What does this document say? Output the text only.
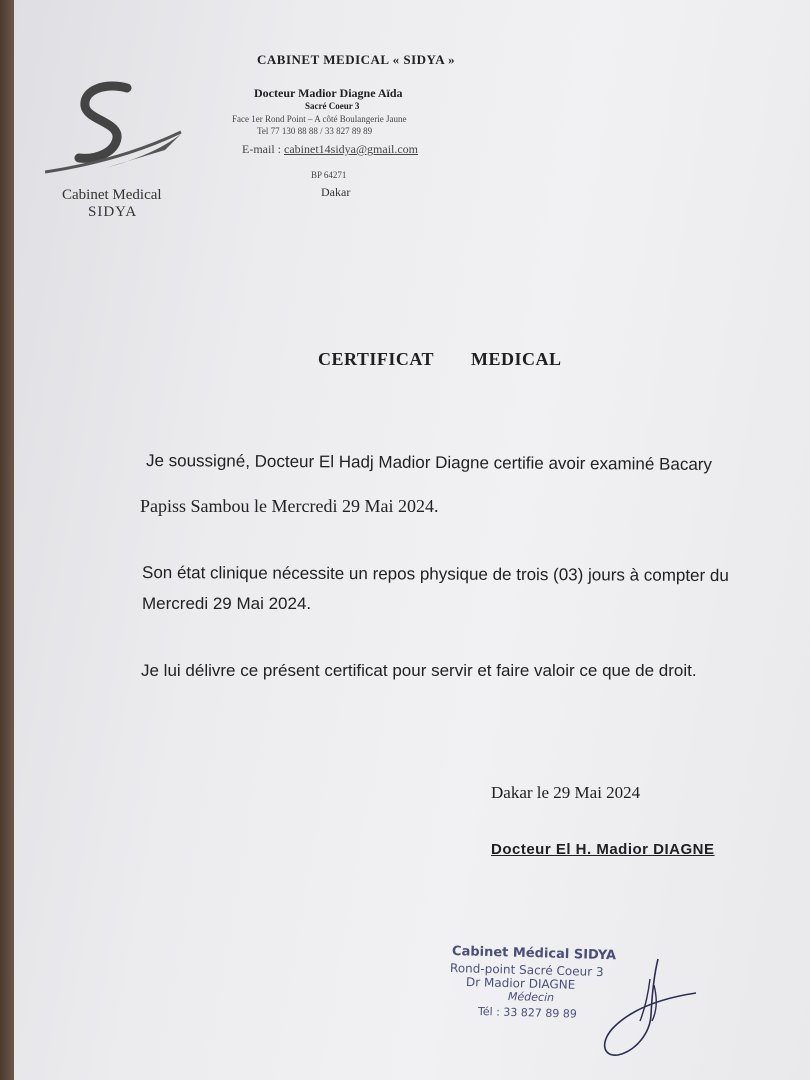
Cabinet Medical
SIDYA
CABINET MEDICAL « SIDYA »
Docteur Madior Diagne Aïda
Sacré Coeur 3
Face 1er Rond Point – A côté Boulangerie Jaune
Tel 77 130 88 88 / 33 827 89 89
E-mail : cabinet14sidya@gmail.com
BP 64271
Dakar
CERTIFICAT MEDICAL
Je soussigné, Docteur El Hadj Madior Diagne certifie avoir examiné Bacary
Papiss Sambou le Mercredi 29 Mai 2024.
Son état clinique nécessite un repos physique de trois (03) jours à compter du
Mercredi 29 Mai 2024.
Je lui délivre ce présent certificat pour servir et faire valoir ce que de droit.
Dakar le 29 Mai 2024
Docteur El H. Madior DIAGNE
Cabinet Médical SIDYA
Rond-point Sacré Coeur 3
Dr Madior DIAGNE
Médecin
Tél : 33 827 89 89
